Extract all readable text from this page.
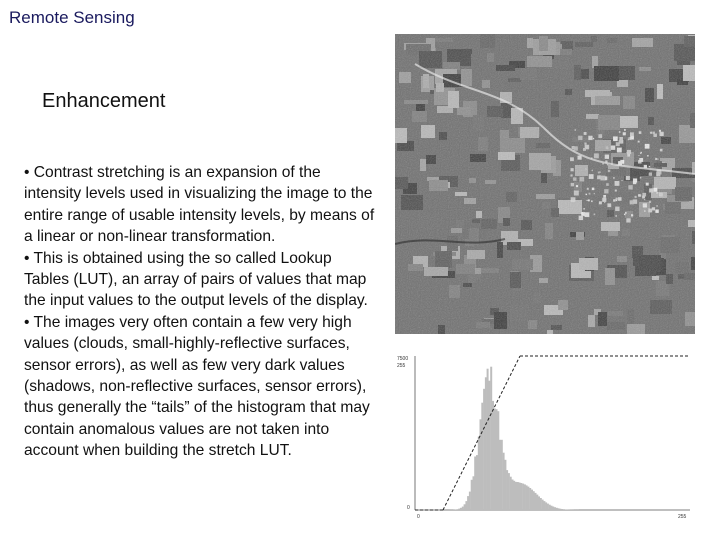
Remote Sensing
Enhancement

• Contrast stretching is an expansion of the intensity levels used in visualizing the image to the entire range of usable intensity levels, by means of a linear or non-linear transformation.

• This is obtained using the so called Lookup Tables (LUT), an array of pairs of values that map the input values to the output levels of the display.

• The images very often contain a few very high values (clouds, small-highly-reflective surfaces, sensor errors), as well as few very dark values (shadows, non-reflective surfaces, sensor errors), thus generally the “tails” of the histogram that may contain anomalous values are not taken into account when building the stretch LUT.

7500
255
0
0	255
